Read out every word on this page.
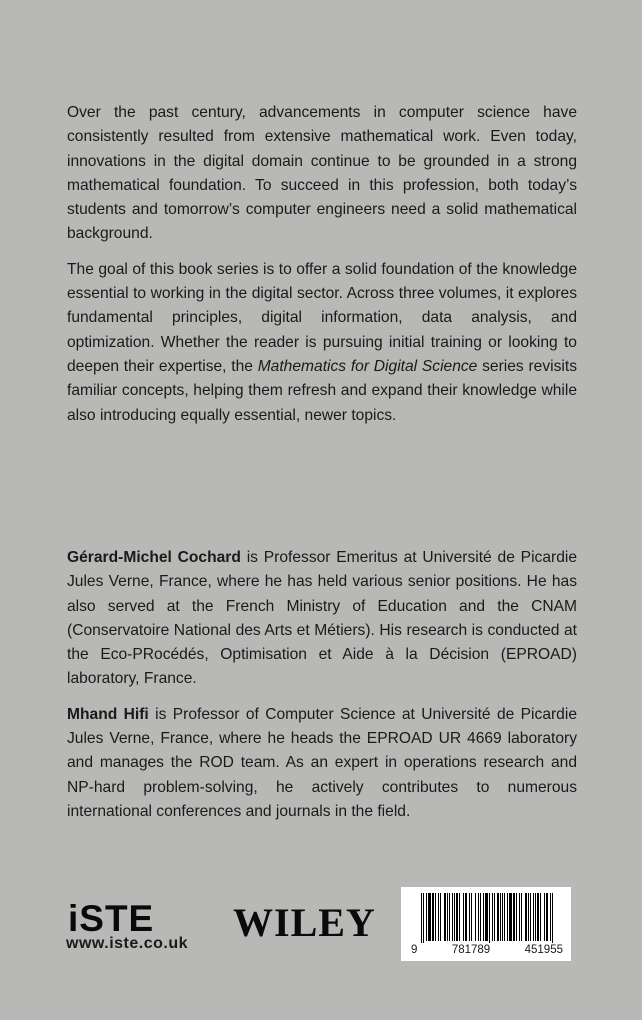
Over the past century, advancements in computer science have consistently resulted from extensive mathematical work. Even today, innovations in the digital domain continue to be grounded in a strong mathematical foundation. To succeed in this profession, both today’s students and tomorrow’s computer engineers need a solid mathematical background.

The goal of this book series is to offer a solid foundation of the knowledge essential to working in the digital sector. Across three volumes, it explores fundamental principles, digital information, data analysis, and optimization. Whether the reader is pursuing initial training or looking to deepen their expertise, the Mathematics for Digital Science series revisits familiar concepts, helping them refresh and expand their knowledge while also introducing equally essential, newer topics.

Gérard-Michel Cochard is Professor Emeritus at Université de Picardie Jules Verne, France, where he has held various senior positions. He has also served at the French Ministry of Education and the CNAM (Conservatoire National des Arts et Métiers). His research is conducted at the Eco-PRocédés, Optimisation et Aide à la Décision (EPROAD) laboratory, France.

Mhand Hifi is Professor of Computer Science at Université de Picardie Jules Verne, France, where he heads the EPROAD UR 4669 laboratory and manages the ROD team. As an expert in operations research and NP-hard problem-solving, he actively contributes to numerous international conferences and journals in the field.

iSTE
www.iste.co.uk WILEY
9	781789	451955
